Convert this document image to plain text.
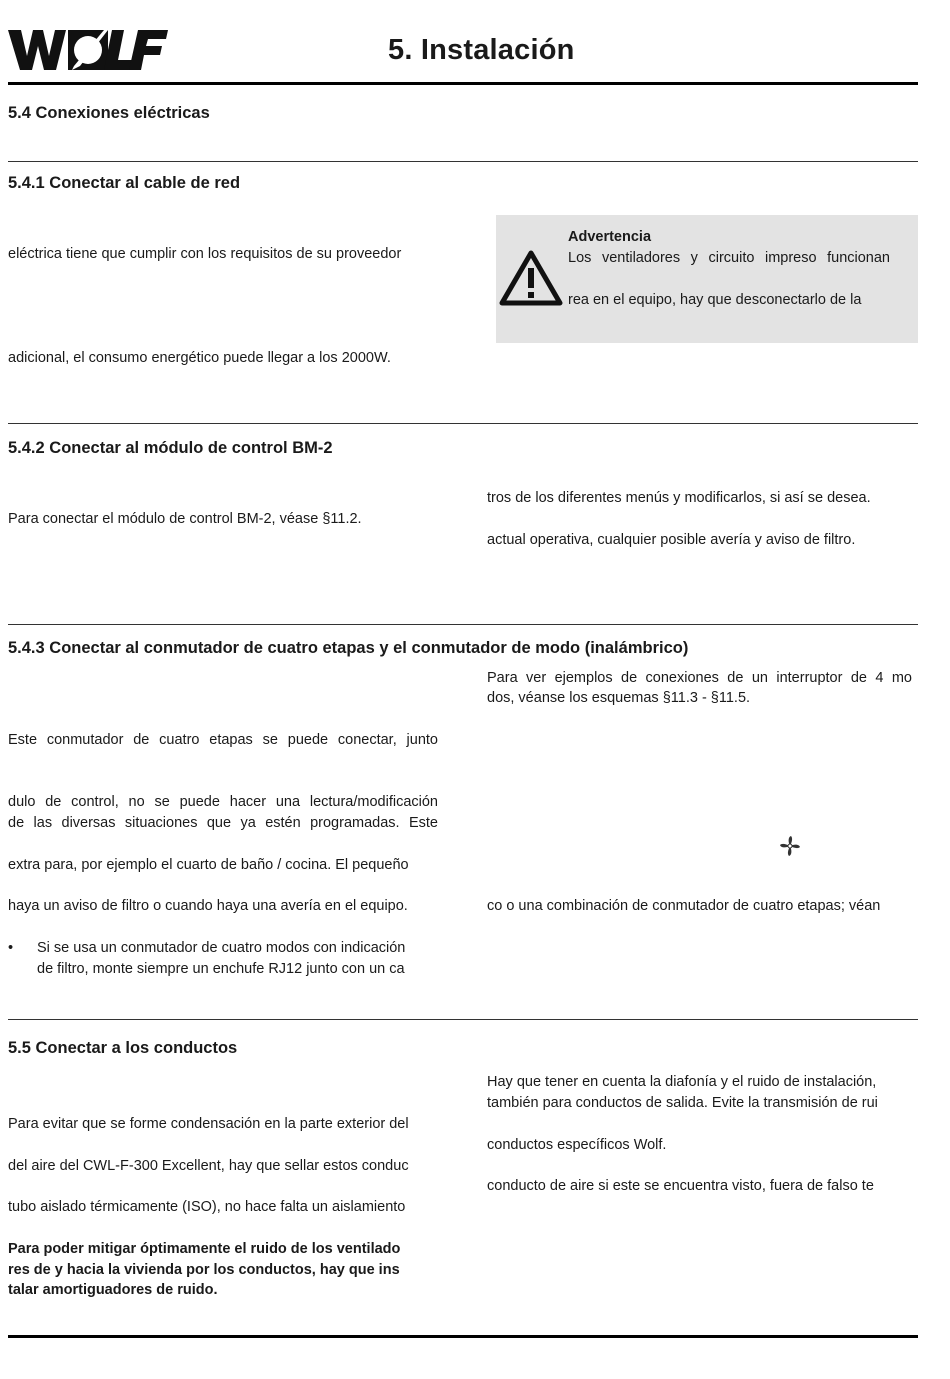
5. Instalación
5.4 Conexiones eléctricas
5.4.1 Conectar al cable de red
eléctrica tiene que cumplir con los requisitos de su proveedor
adicional, el consumo energético puede llegar a los 2000W.
Advertencia
Los ventiladores y circuito impreso funcionan
rea en el equipo, hay que desconectarlo de la
5.4.2 Conectar al módulo de control BM-2
tros de los diferentes menús y modificarlos, si así se desea.
Para conectar el módulo de control BM-2, véase §11.2.
actual operativa, cualquier posible avería y aviso de filtro.
5.4.3 Conectar al conmutador de cuatro etapas y el conmutador de modo (inalámbrico)
Para ver ejemplos de conexiones de un interruptor de 4 mo
dos, véanse los esquemas §11.3 - §11.5.
Este conmutador de cuatro etapas se puede conectar, junto
dulo de control, no se puede hacer una lectura/modificación
de las diversas situaciones que ya estén programadas. Este
extra para, por ejemplo el cuarto de baño / cocina. El pequeño
haya un aviso de filtro o cuando haya una avería en el equipo.	co o una combinación de conmutador de cuatro etapas; véan
• Si se usa un conmutador de cuatro modos con indicación
de filtro, monte siempre un enchufe RJ12 junto con un ca
5.5 Conectar a los conductos
Hay que tener en cuenta la diafonía y el ruido de instalación,
también para conductos de salida. Evite la transmisión de rui
Para evitar que se forme condensación en la parte exterior del
conductos específicos Wolf.
del aire del CWL-F-300 Excellent, hay que sellar estos conduc
conducto de aire si este se encuentra visto, fuera de falso te
tubo aislado térmicamente (ISO), no hace falta un aislamiento
Para poder mitigar óptimamente el ruido de los ventilado
res de y hacia la vivienda por los conductos, hay que ins
talar amortiguadores de ruido.
